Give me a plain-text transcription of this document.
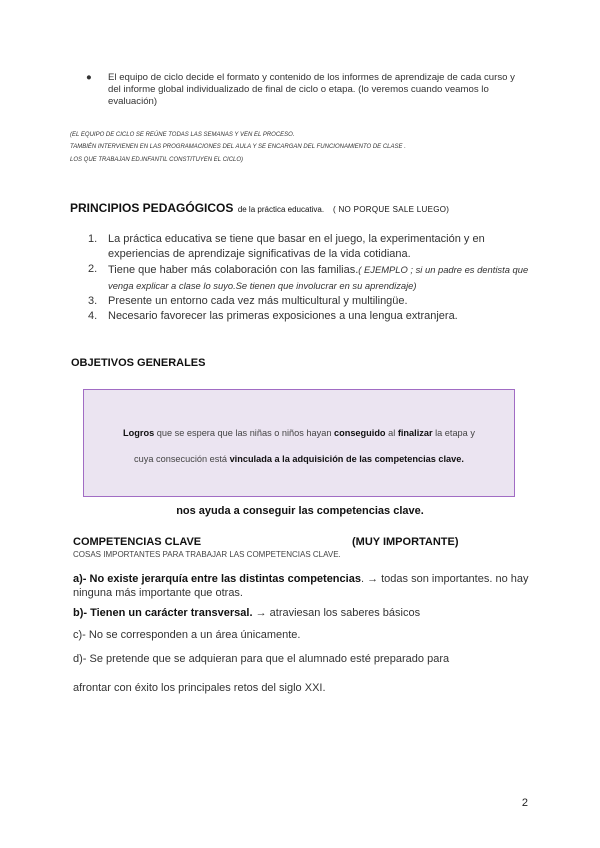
● El equipo de ciclo decide el formato y contenido de los informes de aprendizaje de cada curso y del informe global individualizado de final de ciclo o etapa. (lo veremos cuando veamos lo evaluación)
(EL EQUIPO DE CICLO SE REÚNE TODAS LAS SEMANAS Y VEN EL PROCESO.
TAMBIÉN INTERVIENEN EN LAS PROGRAMACIONES DEL AULA Y SE ENCARGAN DEL FUNCIONAMIENTO DE CLASE .
LOS QUE TRABAJAN ED.INFANTIL CONSTITUYEN EL CICLO)
PRINCIPIOS PEDAGÓGICOS de la práctica educativa. ( NO PORQUE SALE LUEGO)
1. La práctica educativa se tiene que basar en el juego, la experimentación y en experiencias de aprendizaje significativas de la vida cotidiana.
2. Tiene que haber más colaboración con las familias.( EJEMPLO ; si un padre es dentista que venga explicar a clase lo suyo.Se tienen que involucrar en su aprendizaje)
3. Presente un entorno cada vez más multicultural y multilingüe.
4. Necesario favorecer las primeras exposiciones a una lengua extranjera.
OBJETIVOS GENERALES
Logros que se espera que las niñas o niños hayan conseguido al finalizar la etapa y
cuya consecución está vinculada a la adquisición de las competencias clave.
nos ayuda a conseguir las competencias clave.
COMPETENCIAS CLAVE	(MUY IMPORTANTE)
COSAS IMPORTANTES PARA TRABAJAR LAS COMPETENCIAS CLAVE.
a)- No existe jerarquía entre las distintas competencias. → todas son importantes. no hay ninguna más importante que otras.
b)- Tienen un carácter transversal. → atraviesan los saberes básicos
c)- No se corresponden a un área únicamente.
d)- Se pretende que se adquieran para que el alumnado esté preparado para
afrontar con éxito los principales retos del siglo XXI.
2
